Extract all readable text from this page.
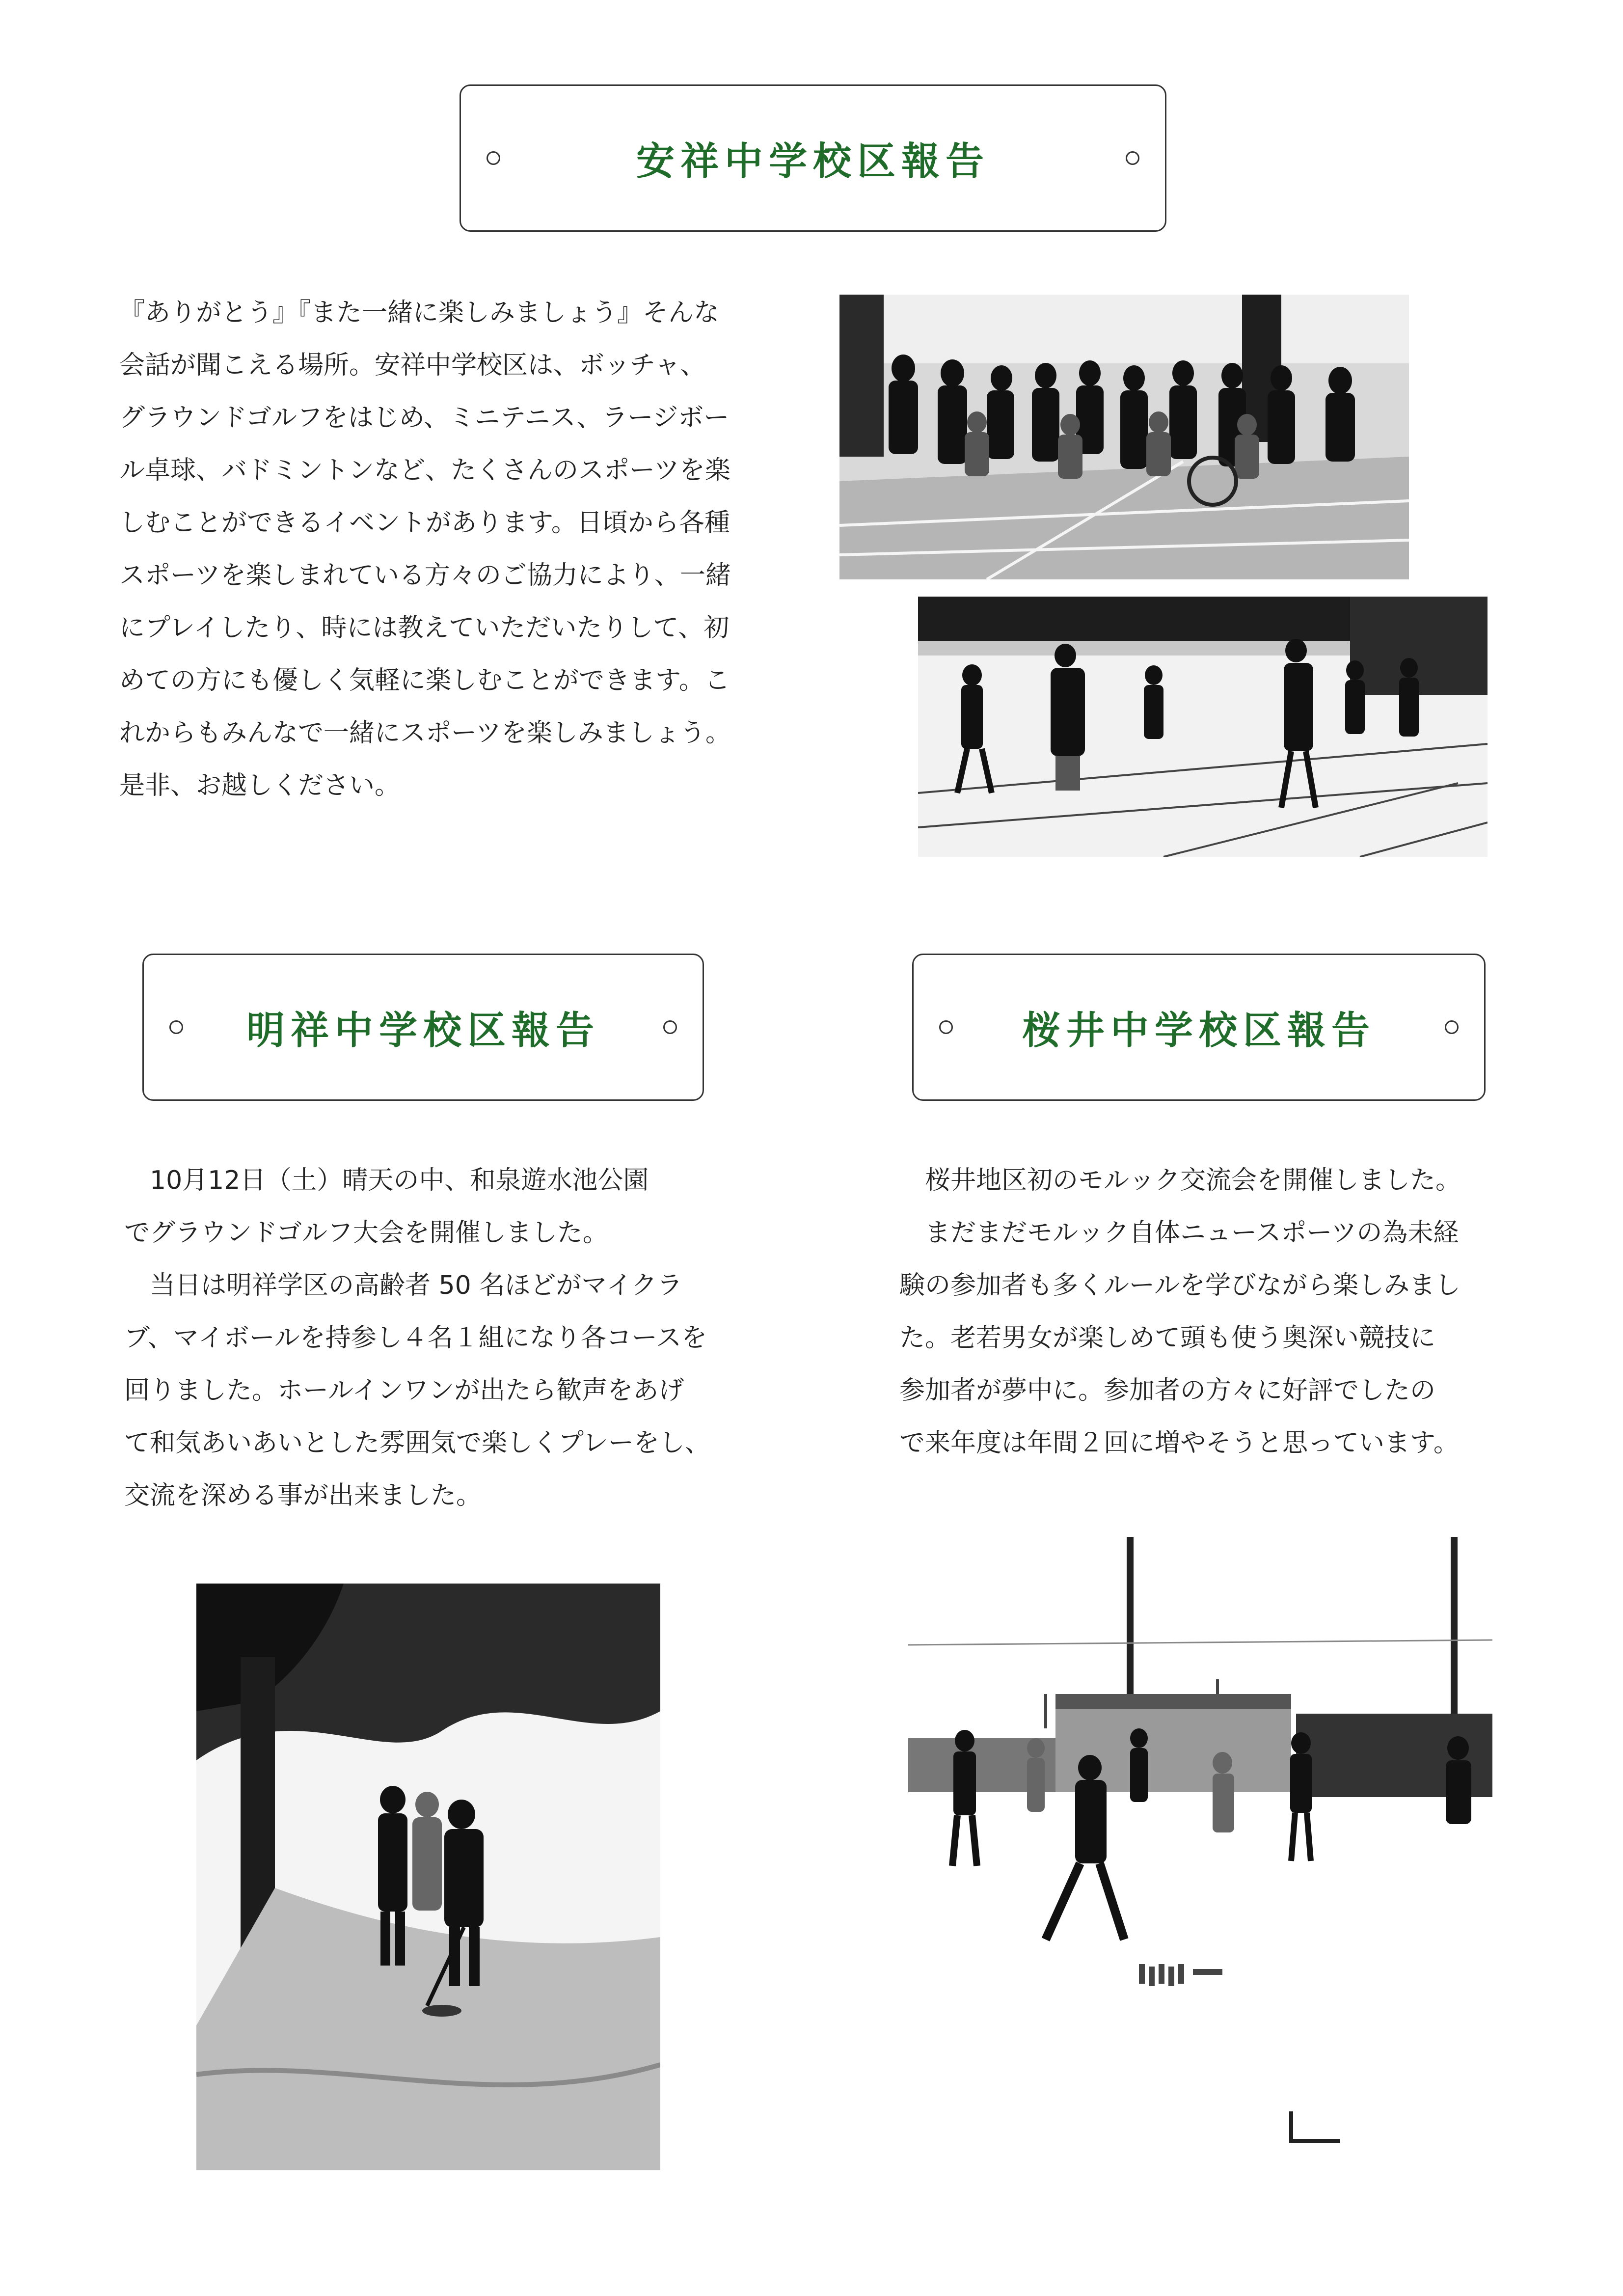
安祥中学校区報告

『ありがとう』『また一緒に楽しみましょう』そんな

会話が聞こえる場所。安祥中学校区は、ボッチャ、

グラウンドゴルフをはじめ、ミニテニス、ラージボー

ル卓球、バドミントンなど、たくさんのスポーツを楽

しむことができるイベントがあります。日頃から各種

スポーツを楽しまれている方々のご協力により、一緒

にプレイしたり、時には教えていただいたりして、初

めての方にも優しく気軽に楽しむことができます。こ

れからもみんなで一緒にスポーツを楽しみましょう。

是非、お越しください。

明祥中学校区報告

　10月12日（土）晴天の中、和泉遊水池公園

でグラウンドゴルフ大会を開催しました。

　当日は明祥学区の高齢者 50 名ほどがマイクラ

ブ、マイボールを持参し４名１組になり各コースを

回りました。ホールインワンが出たら歓声をあげ

て和気あいあいとした雰囲気で楽しくプレーをし、

交流を深める事が出来ました。

桜井中学校区報告

　桜井地区初のモルック交流会を開催しました。

　まだまだモルック自体ニュースポーツの為未経

験の参加者も多くルールを学びながら楽しみまし

た。老若男女が楽しめて頭も使う奥深い競技に

参加者が夢中に。参加者の方々に好評でしたの

で来年度は年間２回に増やそうと思っています。
